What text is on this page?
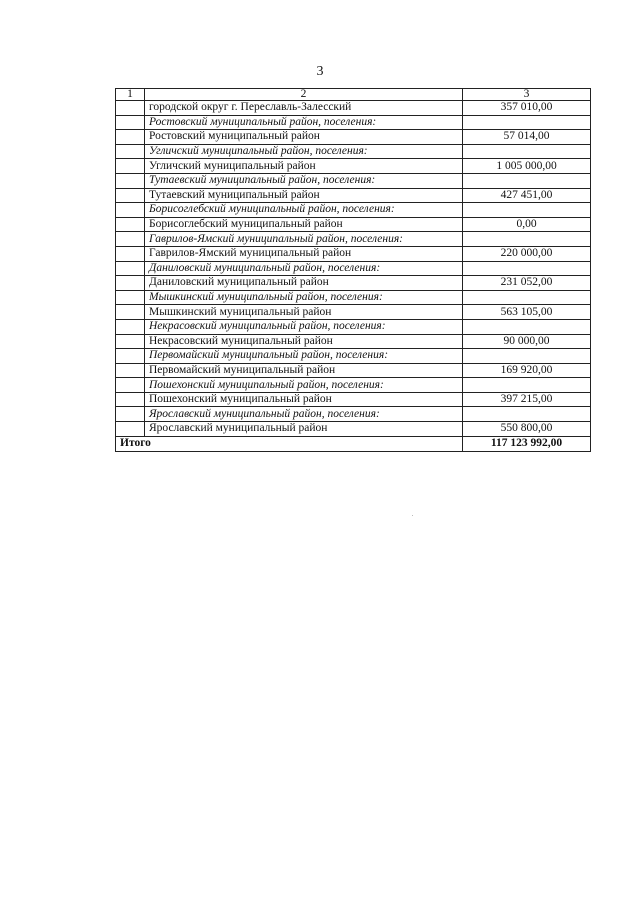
3
1	2	3
	городской округ г. Переславль-Залесский	357 010,00
	Ростовский муниципальный район, поселения:	
	Ростовский муниципальный район	57 014,00
	Угличский муниципальный район, поселения:	
	Угличский муниципальный район	1 005 000,00
	Тутаевский муниципальный район, поселения:	
	Тутаевский муниципальный район	427 451,00
	Борисоглебский муниципальный район, поселения:	
	Борисоглебский муниципальный район	0,00
	Гаврилов-Ямский муниципальный район, поселения:	
	Гаврилов-Ямский муниципальный район	220 000,00
	Даниловский муниципальный район, поселения:	
	Даниловский муниципальный район	231 052,00
	Мышкинский муниципальный район, поселения:	
	Мышкинский муниципальный район	563 105,00
	Некрасовский муниципальный район, поселения:	
	Некрасовский муниципальный район	90 000,00
	Первомайский муниципальный район, поселения:	
	Первомайский муниципальный район	169 920,00
	Пошехонский муниципальный район, поселения:	
	Пошехонский муниципальный район	397 215,00
	Ярославский муниципальный район, поселения:	
	Ярославский муниципальный район	550 800,00
Итого		117 123 992,00
